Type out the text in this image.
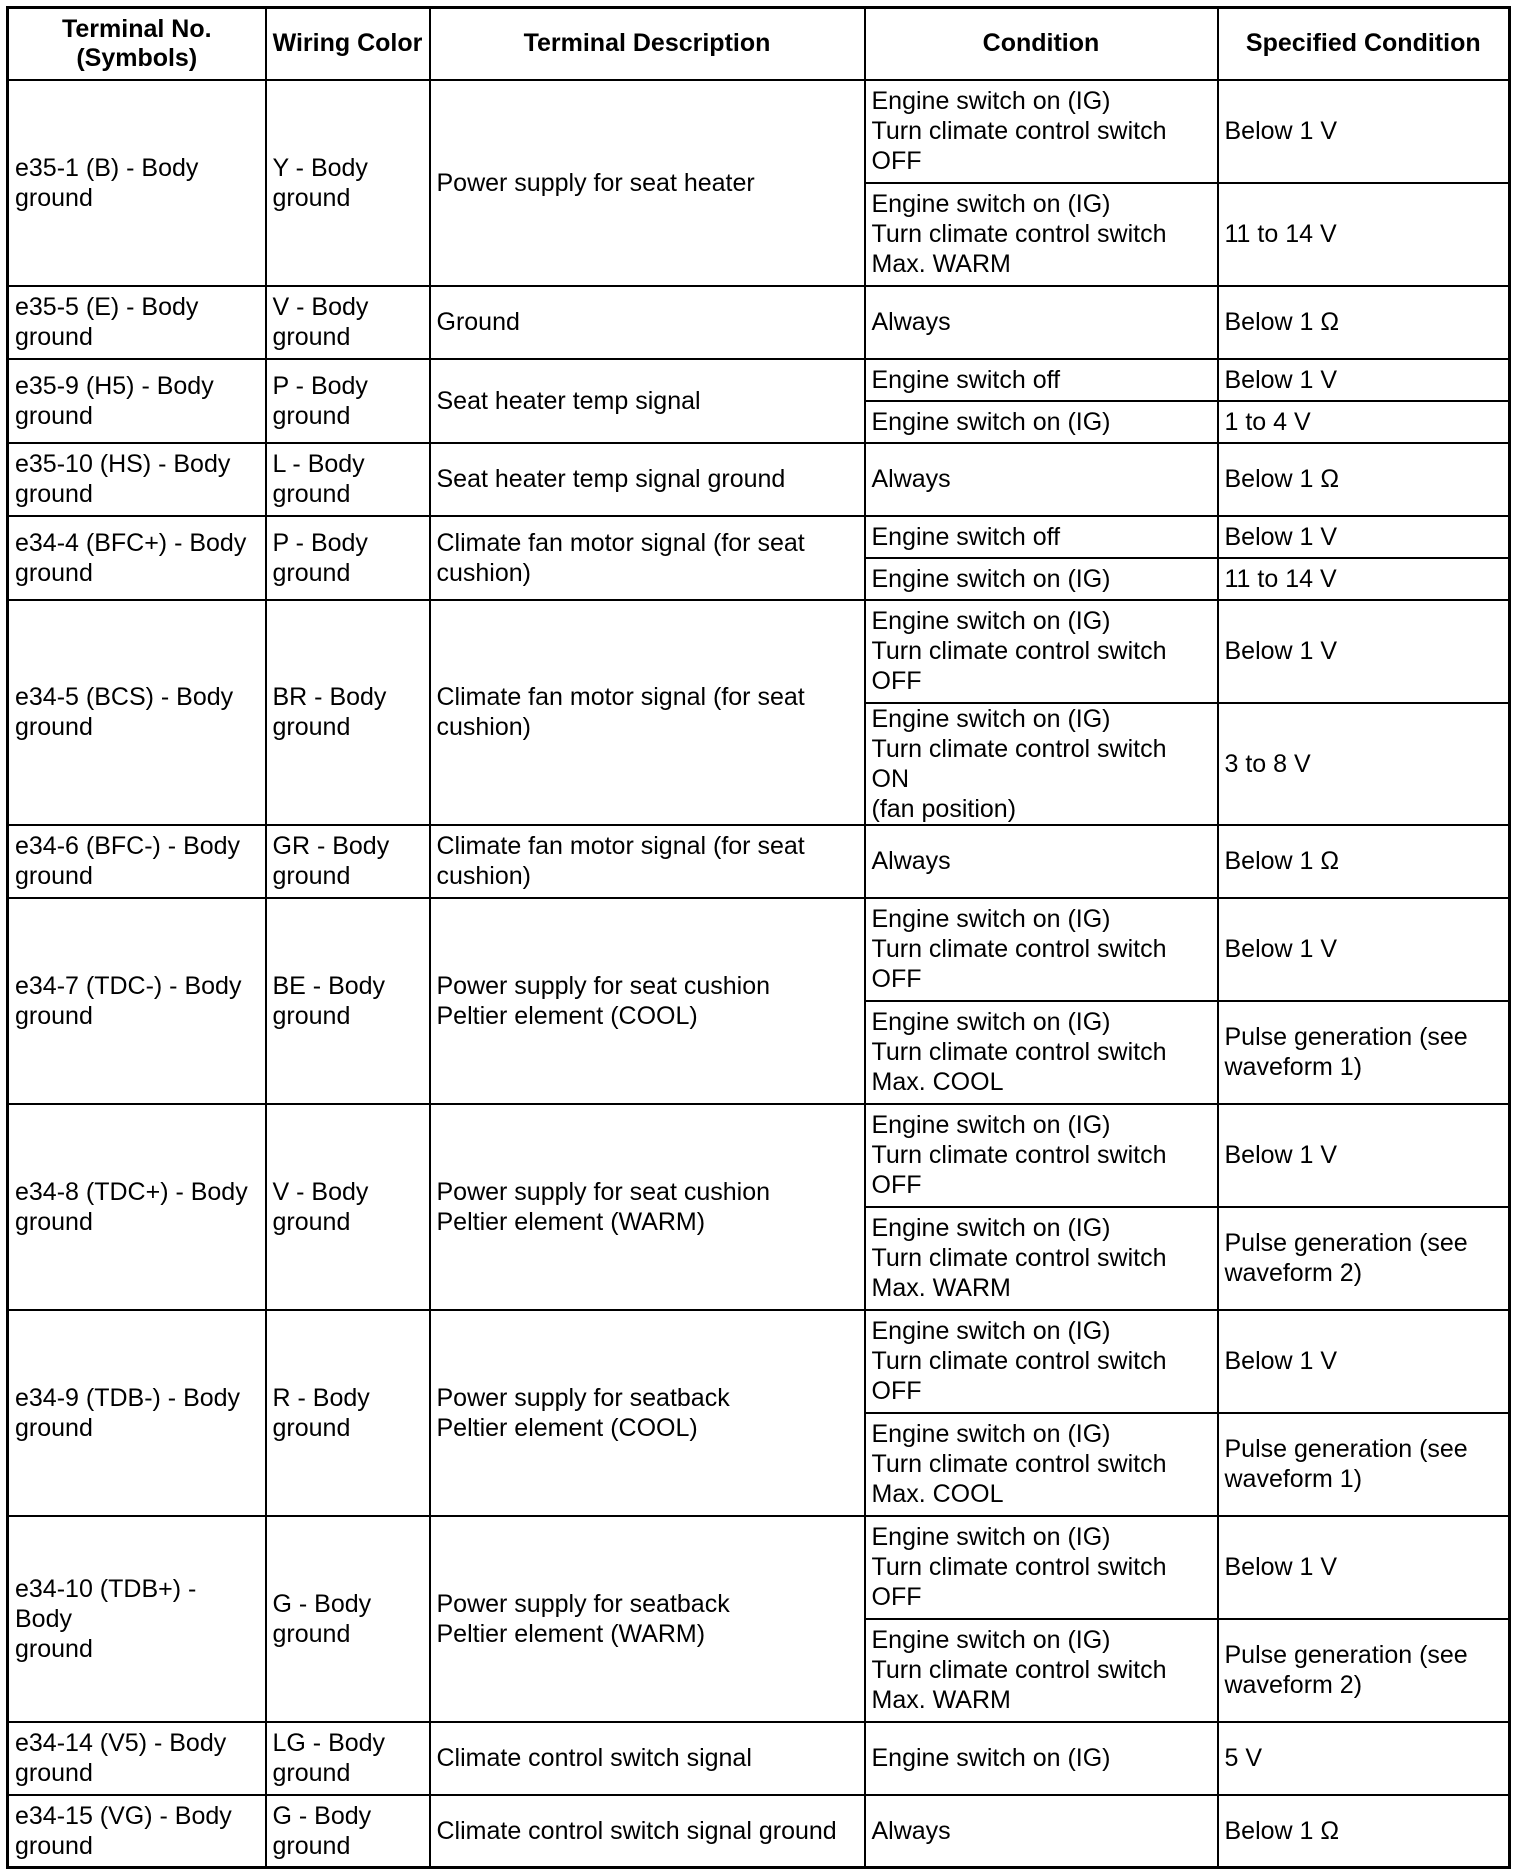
Terminal No.
(Symbols)	Wiring Color	Terminal Description	Condition	Specified Condition
e35-1 (B) - Body
ground	Y - Body
ground	Power supply for seat heater	Engine switch on (IG)
Turn climate control switch
OFF	Below 1 V
			Engine switch on (IG)
Turn climate control switch
Max. WARM	11 to 14 V
e35-5 (E) - Body
ground	V - Body
ground	Ground	Always	Below 1 Ω
e35-9 (H5) - Body
ground	P - Body
ground	Seat heater temp signal	Engine switch off	Below 1 V
			Engine switch on (IG)	1 to 4 V
e35-10 (HS) - Body
ground	L - Body
ground	Seat heater temp signal ground	Always	Below 1 Ω
e34-4 (BFC+) - Body
ground	P - Body
ground	Climate fan motor signal (for seat
cushion)	Engine switch off	Below 1 V
			Engine switch on (IG)	11 to 14 V
e34-5 (BCS) - Body
ground	BR - Body
ground	Climate fan motor signal (for seat
cushion)	Engine switch on (IG)
Turn climate control switch
OFF	Below 1 V
			Engine switch on (IG)
Turn climate control switch ON
(fan position)	3 to 8 V
e34-6 (BFC-) - Body
ground	GR - Body
ground	Climate fan motor signal (for seat
cushion)	Always	Below 1 Ω
e34-7 (TDC-) - Body
ground	BE - Body
ground	Power supply for seat cushion
Peltier element (COOL)	Engine switch on (IG)
Turn climate control switch
OFF	Below 1 V
			Engine switch on (IG)
Turn climate control switch
Max. COOL	Pulse generation (see
waveform 1)
e34-8 (TDC+) - Body
ground	V - Body
ground	Power supply for seat cushion
Peltier element (WARM)	Engine switch on (IG)
Turn climate control switch
OFF	Below 1 V
			Engine switch on (IG)
Turn climate control switch
Max. WARM	Pulse generation (see
waveform 2)
e34-9 (TDB-) - Body
ground	R - Body
ground	Power supply for seatback
Peltier element (COOL)	Engine switch on (IG)
Turn climate control switch
OFF	Below 1 V
			Engine switch on (IG)
Turn climate control switch
Max. COOL	Pulse generation (see
waveform 1)
e34-10 (TDB+) - Body
ground	G - Body
ground	Power supply for seatback
Peltier element (WARM)	Engine switch on (IG)
Turn climate control switch
OFF	Below 1 V
			Engine switch on (IG)
Turn climate control switch
Max. WARM	Pulse generation (see
waveform 2)
e34-14 (V5) - Body
ground	LG - Body
ground	Climate control switch signal	Engine switch on (IG)	5 V
e34-15 (VG) - Body
ground	G - Body
ground	Climate control switch signal ground	Always	Below 1 Ω
